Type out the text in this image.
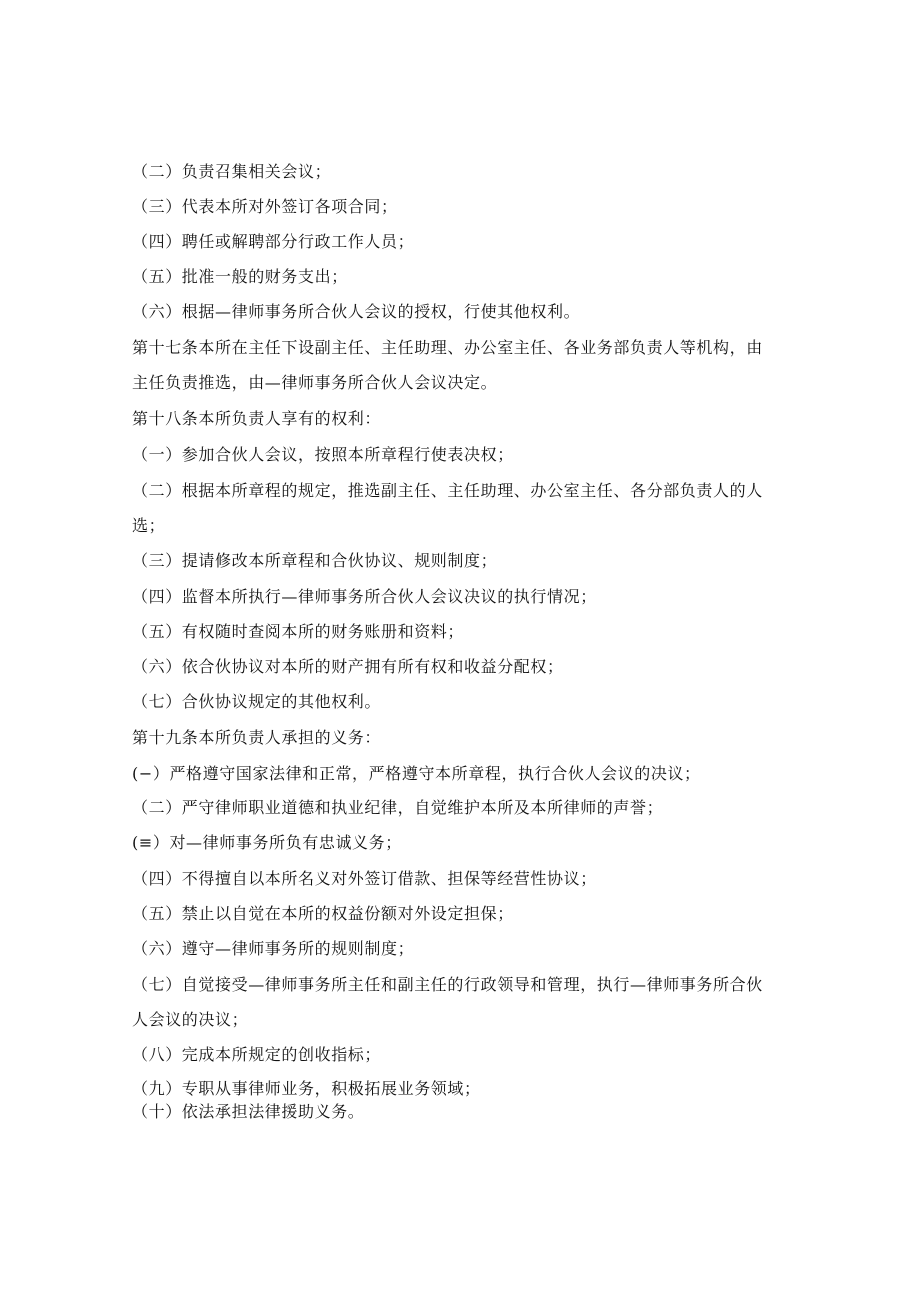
（二）负责召集相关会议；
（三）代表本所对外签订各项合同；
（四）聘任或解聘部分行政工作人员；
（五）批准一般的财务支出；
（六）根据—律师事务所合伙人会议的授权，行使其他权利。
第十七条本所在主任下设副主任、主任助理、办公室主任、各业务部负责人等机构，由
主任负责推选，由—律师事务所合伙人会议决定。
第十八条本所负责人享有的权利：
（一）参加合伙人会议，按照本所章程行使表决权；
（二）根据本所章程的规定，推选副主任、主任助理、办公室主任、各分部负责人的人
选；
（三）提请修改本所章程和合伙协议、规则制度；
（四）监督本所执行—律师事务所合伙人会议决议的执行情况；
（五）有权随时查阅本所的财务账册和资料；
（六）依合伙协议对本所的财产拥有所有权和收益分配权；
（七）合伙协议规定的其他权利。
第十九条本所负责人承担的义务：
(−）严格遵守国家法律和正常，严格遵守本所章程，执行合伙人会议的决议；
（二）严守律师职业道德和执业纪律，自觉维护本所及本所律师的声誉；
(≡）对—律师事务所负有忠诚义务；
（四）不得擅自以本所名义对外签订借款、担保等经营性协议；
（五）禁止以自觉在本所的权益份额对外设定担保；
（六）遵守—律师事务所的规则制度；
（七）自觉接受—律师事务所主任和副主任的行政领导和管理，执行—律师事务所合伙
人会议的决议；
（八）完成本所规定的创收指标；
（九）专职从事律师业务，积极拓展业务领域；
（十）依法承担法律援助义务。
